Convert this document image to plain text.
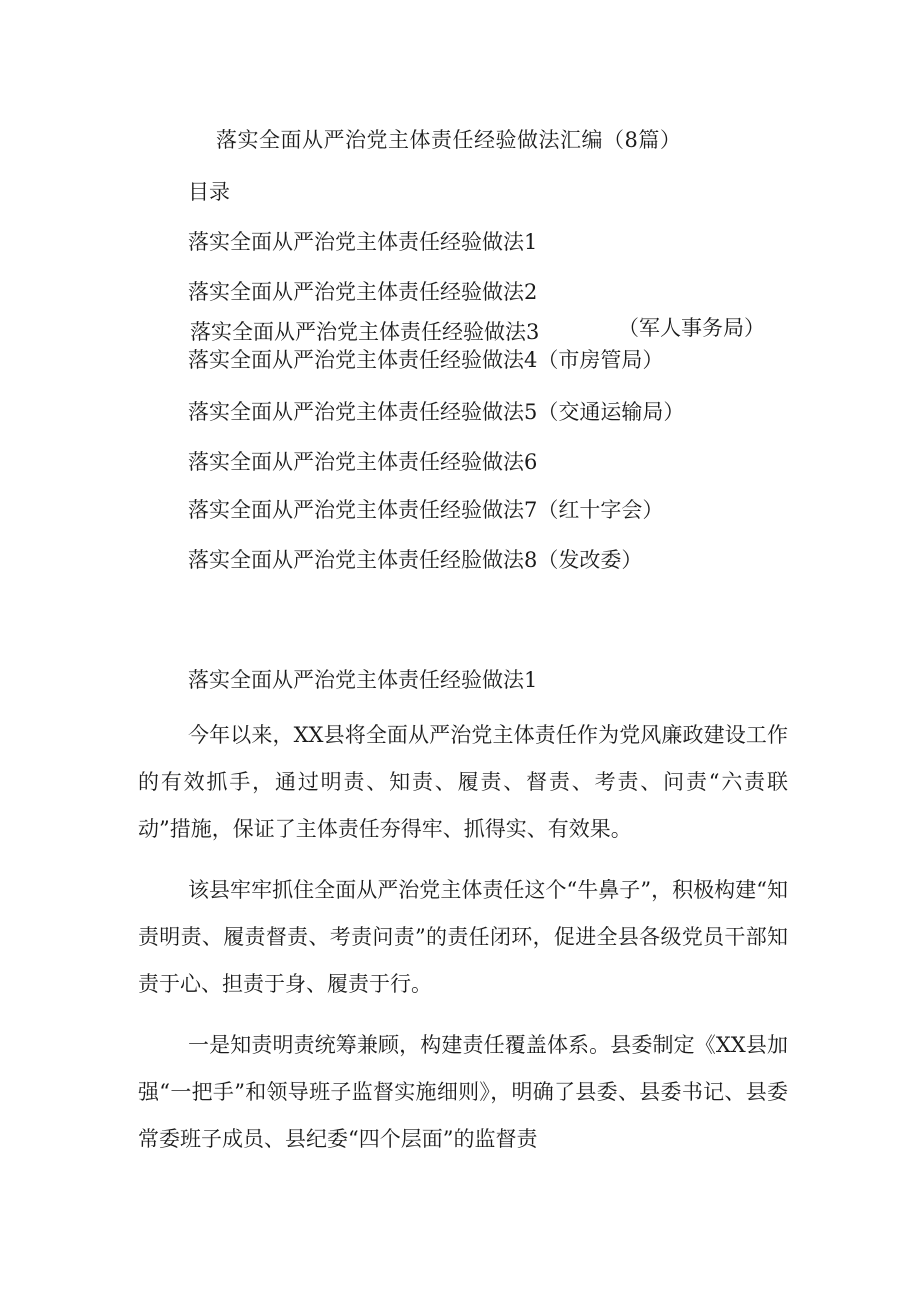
落实全面从严治党主体责任经验做法汇编（8篇）
目录
落实全面从严治党主体责任经验做法1
落实全面从严治党主体责任经验做法2
落实全面从严治党主体责任经验做法3	（军人事务局）
落实全面从严治党主体责任经验做法4（市房管局）
落实全面从严治党主体责任经验做法5（交通运输局）
落实全面从严治党主体责任经验做法6
落实全面从严治党主体责任经验做法7（红十字会）
落实全面从严治党主体责任经脸做法8（发改委）
落实全面从严治党主体责任经验做法1

今年以来，XX县将全面从严治党主体责任作为党风廉政建设工作的有效抓手，通过明责、知责、履责、督责、考责、问责“六责联动”措施，保证了主体责任夯得牢、抓得实、有效果。

该县牢牢抓住全面从严治党主体责任这个“牛鼻子”，积极构建“知责明责、履责督责、考责问责”的责任闭环，促进全县各级党员干部知责于心、担责于身、履责于行。

一是知责明责统筹兼顾，构建责任覆盖体系。县委制定《XX县加强“一把手”和领导班子监督实施细则》，明确了县委、县委书记、县委常委班子成员、县纪委“四个层面”的监督责
